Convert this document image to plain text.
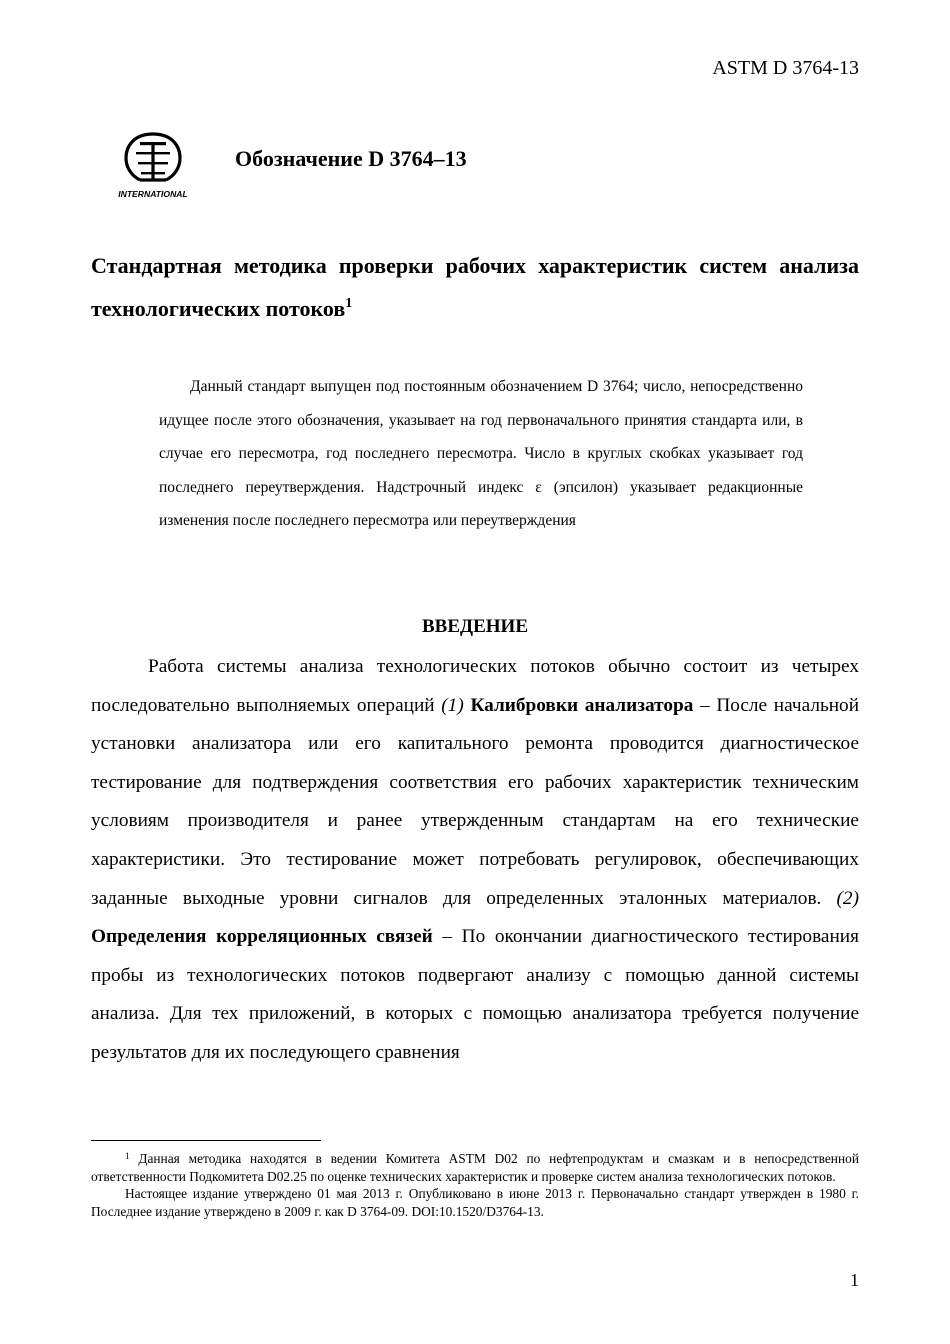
ASTM D 3764-13
INTERNATIONAL
Обозначение D 3764–13
Стандартная методика проверки рабочих характеристик систем анализа технологических потоков$^1$
Данный стандарт выпущен под постоянным обозначением D 3764; число, непосредственно идущее после этого обозначения, указывает на год первоначального принятия стандарта или, в случае его пересмотра, год последнего пересмотра. Число в круглых скобках указывает год последнего переутверждения. Надстрочный индекс ε (эпсилон) указывает редакционные изменения после последнего пересмотра или переутверждения
ВВЕДЕНИЕ
Работа системы анализа технологических потоков обычно состоит из четырех последовательно выполняемых операций (1) Калибровки анализатора – После начальной установки анализатора или его капитального ремонта проводится диагностическое тестирование для подтверждения соответствия его рабочих характеристик техническим условиям производителя и ранее утвержденным стандартам на его технические характеристики. Это тестирование может потребовать регулировок, обеспечивающих заданные выходные уровни сигналов для определенных эталонных материалов. (2) Определения корреляционных связей – По окончании диагностического тестирования пробы из технологических потоков подвергают анализу с помощью данной системы анализа. Для тех приложений, в которых с помощью анализатора требуется получение результатов для их последующего сравнения

$^1$ Данная методика находятся в ведении Комитета ASTM D02 по нефтепродуктам и смазкам и в непосредственной ответственности Подкомитета D02.25 по оценке технических характеристик и проверке систем анализа технологических потоков.

Настоящее издание утверждено 01 мая 2013 г. Опубликовано в июне 2013 г. Первоначально стандарт утвержден в 1980 г. Последнее издание утверждено в 2009 г. как D 3764-09. DOI:10.1520/D3764-13.

1
